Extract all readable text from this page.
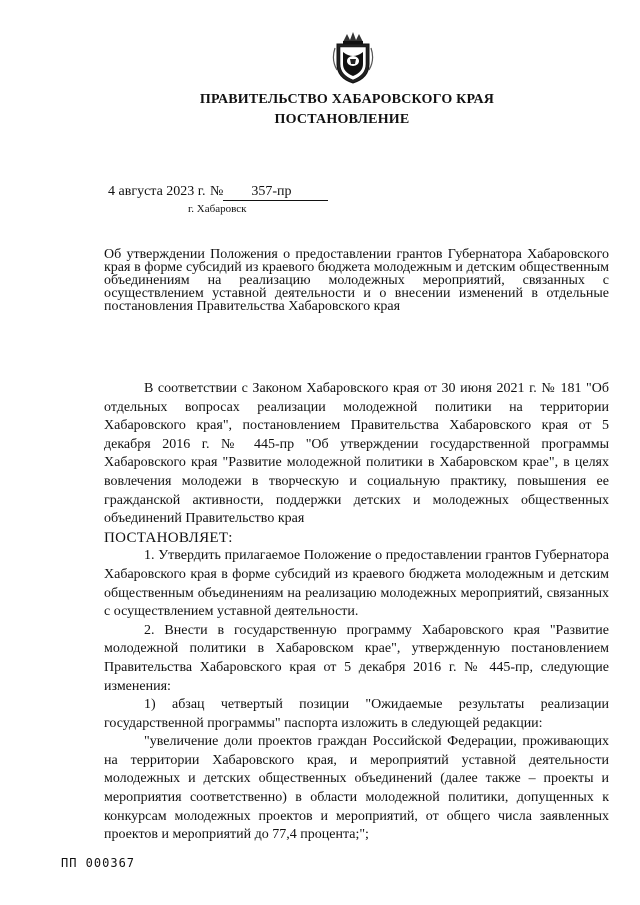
ПРАВИТЕЛЬСТВО ХАБАРОВСКОГО КРАЯ
ПОСТАНОВЛЕНИЕ
4 августа 2023 г. № 357-пр
г. Хабаровск
Об утверждении Положения о предоставлении грантов Губернатора Хабаровского края в форме субсидий из краевого бюджета молодежным и детским общественным объединениям на реализацию молодежных мероприятий, связанных с осуществлением уставной деятельности и о внесении изменений в отдельные постановления Правительства Хабаровского края

В соответствии с Законом Хабаровского края от 30 июня 2021 г. № 181 "Об отдельных вопросах реализации молодежной политики на территории Хабаровского края", постановлением Правительства Хабаровского края от 5 декабря 2016 г. № 445-пр "Об утверждении государственной программы Хабаровского края "Развитие молодежной политики в Хабаровском крае", в целях вовлечения молодежи в творческую и социальную практику, повышения ее гражданской активности, поддержки детских и молодежных общественных объединений Правительство края

ПОСТАНОВЛЯЕТ:

1. Утвердить прилагаемое Положение о предоставлении грантов Губернатора Хабаровского края в форме субсидий из краевого бюджета молодежным и детским общественным объединениям на реализацию молодежных мероприятий, связанных с осуществлением уставной деятельности.

2. Внести в государственную программу Хабаровского края "Развитие молодежной политики в Хабаровском крае", утвержденную постановлением Правительства Хабаровского края от 5 декабря 2016 г. № 445-пр, следующие изменения:

1) абзац четвертый позиции "Ожидаемые результаты реализации государственной программы" паспорта изложить в следующей редакции:

"увеличение доли проектов граждан Российской Федерации, проживающих на территории Хабаровского края, и мероприятий уставной деятельности молодежных и детских общественных объединений (далее также – проекты и мероприятия соответственно) в области молодежной политики, допущенных к конкурсам молодежных проектов и мероприятий, от общего числа заявленных проектов и мероприятий до 77,4 процента;";

ПП 000367
